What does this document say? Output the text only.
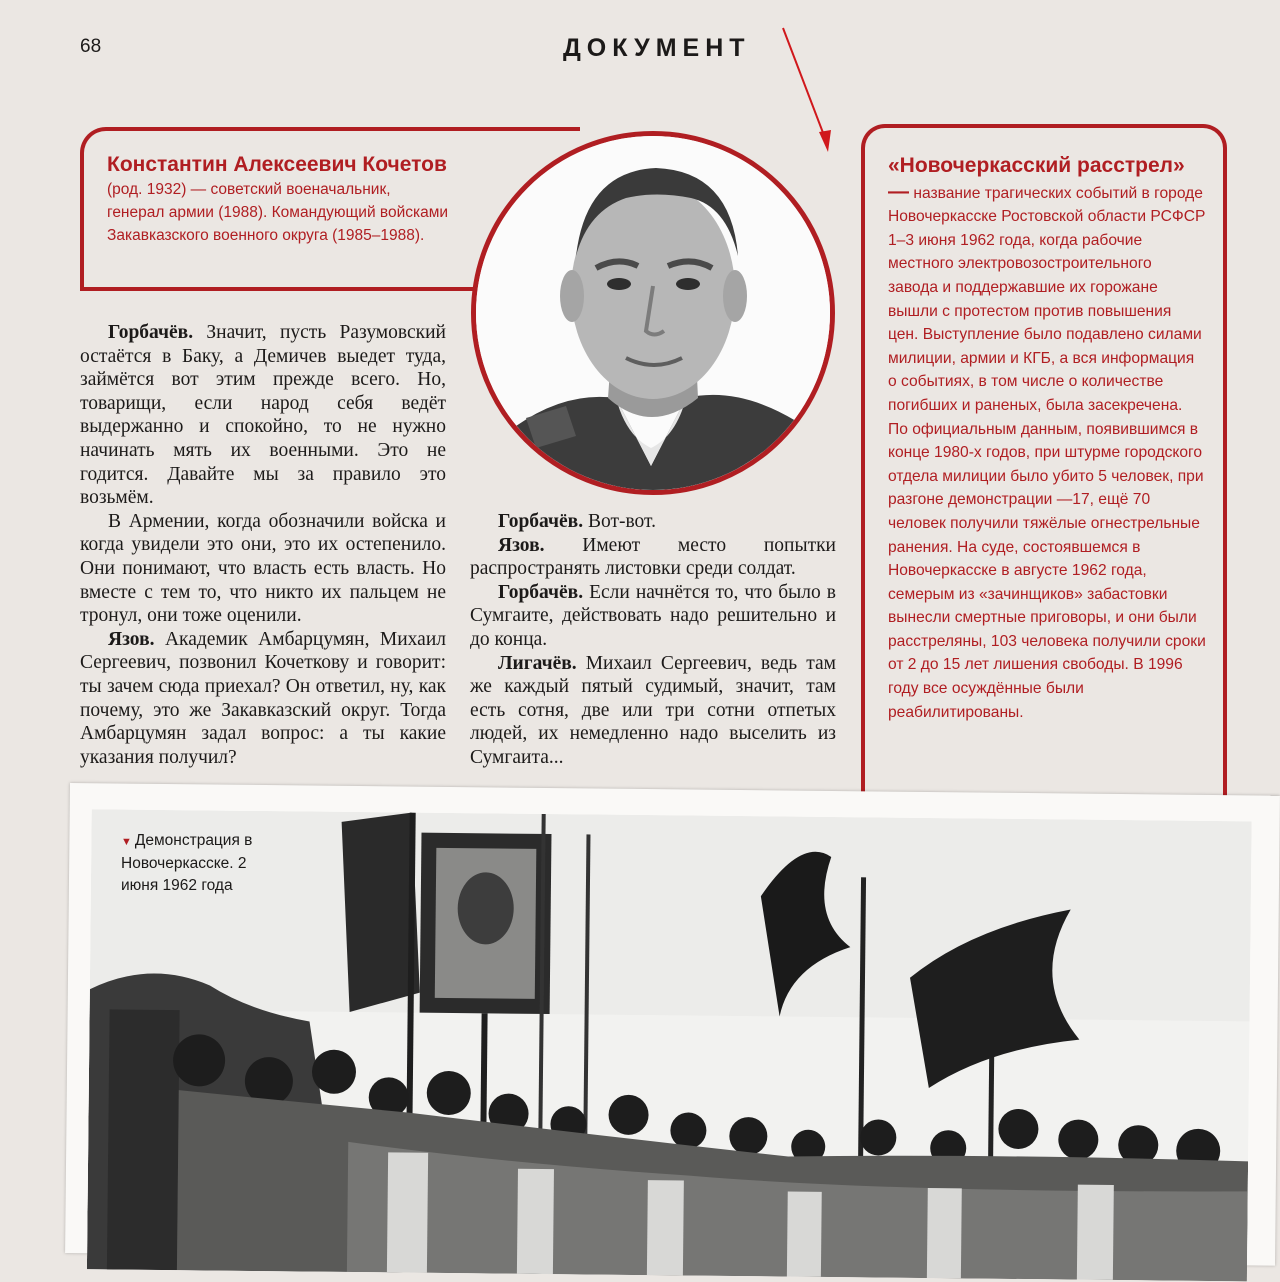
68	ДОКУМЕНТ
Константин Алексеевич Кочетов (род. 1932) — советский военачальник, генерал армии (1988). Командующий войсками Закавказского военного округа (1985–1988).

Горбачёв. Значит, пусть Разумовский остаётся в Баку, а Демичев выедет туда, займётся вот этим прежде всего. Но, товарищи, если народ себя ведёт выдержанно и спокойно, то не нужно начинать мять их военными. Это не годится. Давайте мы за правило это возьмём.

В Армении, когда обозначили войска и когда увидели это они, это их остепенило. Они понимают, что власть есть власть. Но вместе с тем то, что никто их пальцем не тронул, они тоже оценили.

Язов. Академик Амбарцумян, Михаил Сергеевич, позвонил Кочеткову и говорит: ты зачем сюда приехал? Он ответил, ну, как почему, это же Закавказский округ. Тогда Амбарцумян задал вопрос: а ты какие указания получил?

Горбачёв. Вот-вот.

Язов. Имеют место попытки распространять листовки среди солдат.

Горбачёв. Если начнётся то, что было в Сумгаите, действовать надо решительно и до конца.

Лигачёв. Михаил Сергеевич, ведь там же каждый пятый судимый, значит, там есть сотня, две или три сотни отпетых людей, их немедленно надо выселить из Сумгаита...

«Новочеркасский расстрел» — название трагических событий в городе Новочеркасске Ростовской области РСФСР 1–3 июня 1962 года, когда рабочие местного электровозостроительного завода и поддержавшие их горожане вышли с протестом против повышения цен. Выступление было подавлено силами милиции, армии и КГБ, а вся информация о событиях, в том числе о количестве погибших и раненых, была засекречена. По официальным данным, появившимся в конце 1980-х годов, при штурме городского отдела милиции было убито 5 человек, при разгоне демонстрации —17, ещё 70 человек получили тяжёлые огнестрельные ранения. На суде, состоявшемся в Новочеркасске в августе 1962 года, семерым из «зачинщиков» забастовки вынесли смертные приговоры, и они были расстреляны, 103 человека получили сроки от 2 до 15 лет лишения свободы. В 1996 году все осуждённые были реабилитированы.
▼ Демонстрация в Новочеркасске. 2 июня 1962 года
